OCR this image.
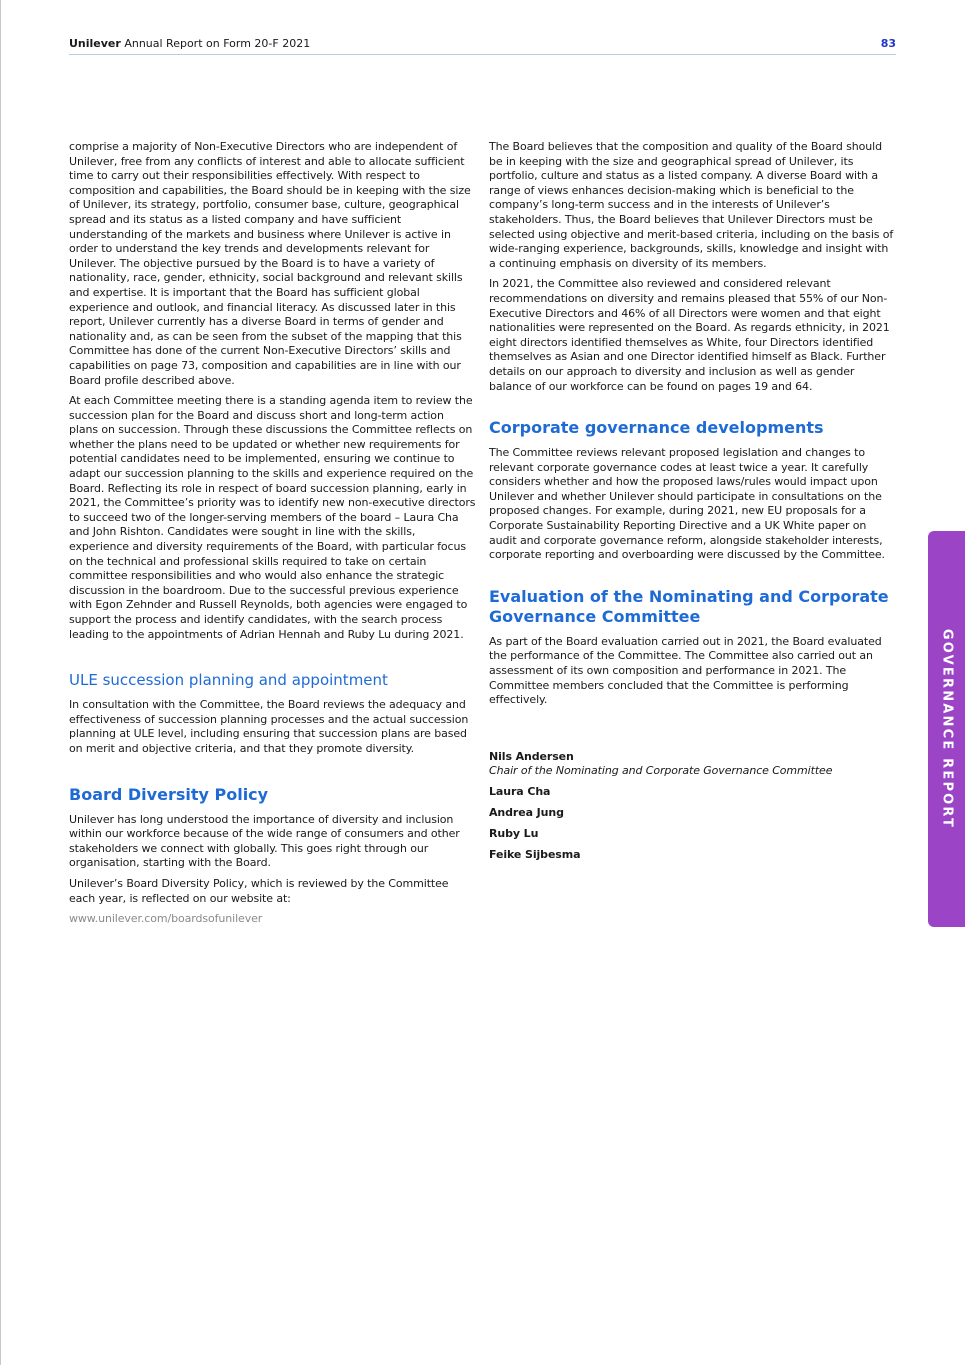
Unilever Annual Report on Form 20-F 2021	83

comprise a majority of Non-Executive Directors who are independent of Unilever, free from any conflicts of interest and able to allocate sufficient time to carry out their responsibilities effectively. With respect to composition and capabilities, the Board should be in keeping with the size of Unilever, its strategy, portfolio, consumer base, culture, geographical spread and its status as a listed company and have sufficient understanding of the markets and business where Unilever is active in order to understand the key trends and developments relevant for Unilever. The objective pursued by the Board is to have a variety of nationality, race, gender, ethnicity, social background and relevant skills and expertise. It is important that the Board has sufficient global experience and outlook, and financial literacy. As discussed later in this report, Unilever currently has a diverse Board in terms of gender and nationality and, as can be seen from the subset of the mapping that this Committee has done of the current Non-Executive Directors’ skills and capabilities on page 73, composition and capabilities are in line with our Board profile described above.

At each Committee meeting there is a standing agenda item to review the succession plan for the Board and discuss short and long-term action plans on succession. Through these discussions the Committee reflects on whether the plans need to be updated or whether new requirements for potential candidates need to be implemented, ensuring we continue to adapt our succession planning to the skills and experience required on the Board. Reflecting its role in respect of board succession planning, early in 2021, the Committee’s priority was to identify new non-executive directors to succeed two of the longer-serving members of the board – Laura Cha and John Rishton. Candidates were sought in line with the skills, experience and diversity requirements of the Board, with particular focus on the technical and professional skills required to take on certain committee responsibilities and who would also enhance the strategic discussion in the boardroom. Due to the successful previous experience with Egon Zehnder and Russell Reynolds, both agencies were engaged to support the process and identify candidates, with the search process leading to the appointments of Adrian Hennah and Ruby Lu during 2021.

ULE succession planning and appointment

In consultation with the Committee, the Board reviews the adequacy and effectiveness of succession planning processes and the actual succession planning at ULE level, including ensuring that succession plans are based on merit and objective criteria, and that they promote diversity.

Board Diversity Policy

Unilever has long understood the importance of diversity and inclusion within our workforce because of the wide range of consumers and other stakeholders we connect with globally. This goes right through our organisation, starting with the Board.

Unilever’s Board Diversity Policy, which is reviewed by the Committee each year, is reflected on our website at:

www.unilever.com/boardsofunilever

The Board believes that the composition and quality of the Board should be in keeping with the size and geographical spread of Unilever, its portfolio, culture and status as a listed company. A diverse Board with a range of views enhances decision-making which is beneficial to the company’s long-term success and in the interests of Unilever’s stakeholders. Thus, the Board believes that Unilever Directors must be selected using objective and merit-based criteria, including on the basis of wide-ranging experience, backgrounds, skills, knowledge and insight with a continuing emphasis on diversity of its members.

In 2021, the Committee also reviewed and considered relevant recommendations on diversity and remains pleased that 55% of our Non-Executive Directors and 46% of all Directors were women and that eight nationalities were represented on the Board. As regards ethnicity, in 2021 eight directors identified themselves as White, four Directors identified themselves as Asian and one Director identified himself as Black. Further details on our approach to diversity and inclusion as well as gender balance of our workforce can be found on pages 19 and 64.

Corporate governance developments

The Committee reviews relevant proposed legislation and changes to relevant corporate governance codes at least twice a year. It carefully considers whether and how the proposed laws/rules would impact upon Unilever and whether Unilever should participate in consultations on the proposed changes. For example, during 2021, new EU proposals for a Corporate Sustainability Reporting Directive and a UK White paper on audit and corporate governance reform, alongside stakeholder interests, corporate reporting and overboarding were discussed by the Committee.

Evaluation of the Nominating and Corporate Governance Committee

As part of the Board evaluation carried out in 2021, the Board evaluated the performance of the Committee. The Committee also carried out an assessment of its own composition and performance in 2021. The Committee members concluded that the Committee is performing effectively.

Nils Andersen

Chair of the Nominating and Corporate Governance Committee

Laura Cha

Andrea Jung

Ruby Lu

Feike Sijbesma

GOVERNANCE REPORT
